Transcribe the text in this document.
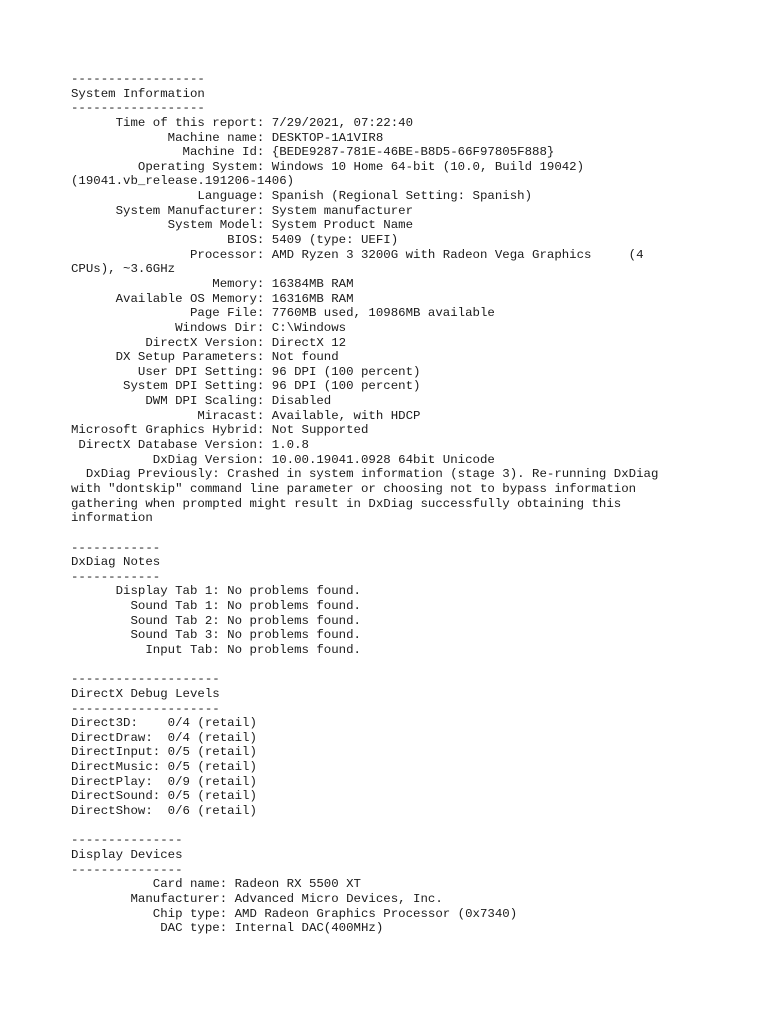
------------------
System Information
------------------
Time of this report: 7/29/2021, 07:22:40
Machine name: DESKTOP-1A1VIR8
Machine Id: {BEDE9287-781E-46BE-B8D5-66F97805F888}
Operating System: Windows 10 Home 64-bit (10.0, Build 19042)
(19041.vb_release.191206-1406)
Language: Spanish (Regional Setting: Spanish)
System Manufacturer: System manufacturer
System Model: System Product Name
BIOS: 5409 (type: UEFI)
Processor: AMD Ryzen 3 3200G with Radeon Vega Graphics     (4
CPUs), ~3.6GHz
Memory: 16384MB RAM
Available OS Memory: 16316MB RAM
Page File: 7760MB used, 10986MB available
Windows Dir: C:\Windows
DirectX Version: DirectX 12
DX Setup Parameters: Not found
User DPI Setting: 96 DPI (100 percent)
System DPI Setting: 96 DPI (100 percent)
DWM DPI Scaling: Disabled
Miracast: Available, with HDCP
Microsoft Graphics Hybrid: Not Supported
DirectX Database Version: 1.0.8
DxDiag Version: 10.00.19041.0928 64bit Unicode
DxDiag Previously: Crashed in system information (stage 3). Re-running DxDiag
with "dontskip" command line parameter or choosing not to bypass information
gathering when prompted might result in DxDiag successfully obtaining this
information

------------
DxDiag Notes
------------
Display Tab 1: No problems found.
Sound Tab 1: No problems found.
Sound Tab 2: No problems found.
Sound Tab 3: No problems found.
Input Tab: No problems found.

--------------------
DirectX Debug Levels
--------------------
Direct3D:    0/4 (retail)
DirectDraw:  0/4 (retail)
DirectInput: 0/5 (retail)
DirectMusic: 0/5 (retail)
DirectPlay:  0/9 (retail)
DirectSound: 0/5 (retail)
DirectShow:  0/6 (retail)

---------------
Display Devices
---------------
Card name: Radeon RX 5500 XT
Manufacturer: Advanced Micro Devices, Inc.
Chip type: AMD Radeon Graphics Processor (0x7340)
DAC type: Internal DAC(400MHz)
